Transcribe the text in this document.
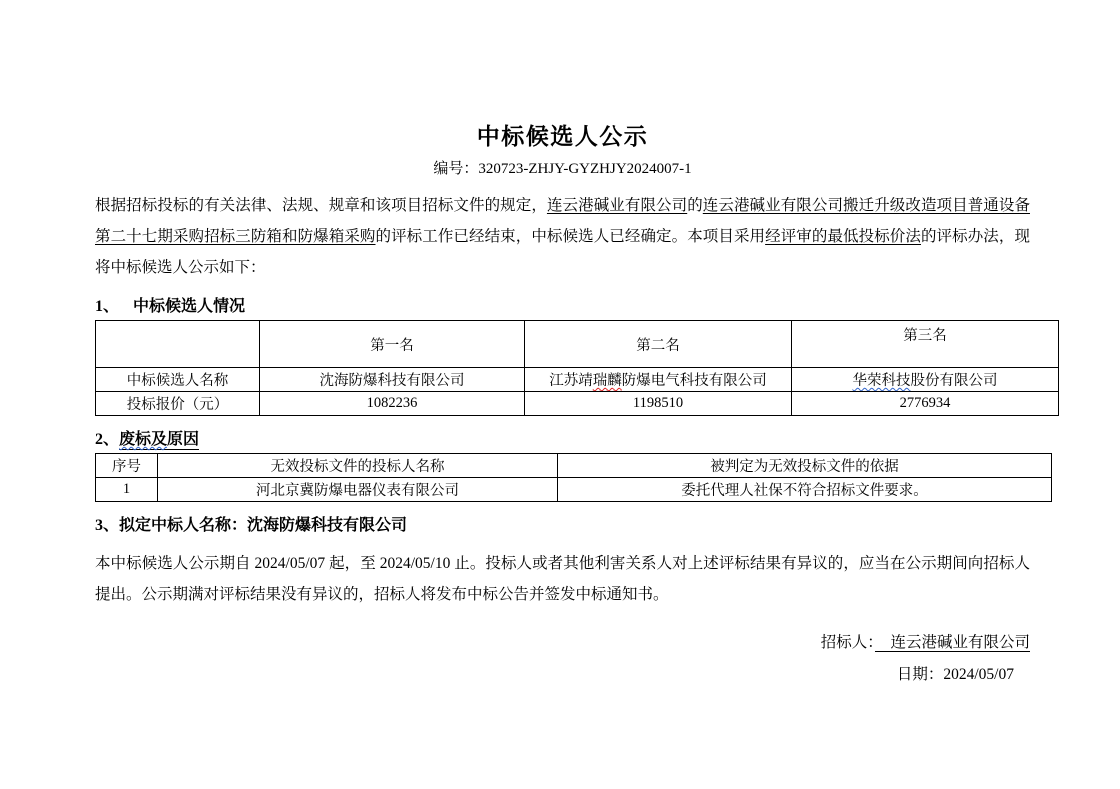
中标候选人公示
编号：320723-ZHJY-GYZHJY2024007-1
根据招标投标的有关法律、法规、规章和该项目招标文件的规定，连云港碱业有限公司的连云港碱业有限公司搬迁升级改造项目普通设备第二十七期采购招标三防箱和防爆箱采购的评标工作已经结束，中标候选人已经确定。本项目采用经评审的最低投标价法的评标办法，现将中标候选人公示如下：
1、 中标候选人情况
	第一名	第二名	第三名
中标候选人名称	沈海防爆科技有限公司	江苏靖瑞麟防爆电气科技有限公司	华荣科技股份有限公司
投标报价（元）	1082236	1198510	2776934
2、废标及原因
序号	无效投标文件的投标人名称	被判定为无效投标文件的依据
1	河北京冀防爆电器仪表有限公司	委托代理人社保不符合招标文件要求。
3、拟定中标人名称：沈海防爆科技有限公司
本中标候选人公示期自 2024/05/07 起，至 2024/05/10 止。投标人或者其他利害关系人对上述评标结果有异议的，应当在公示期间向招标人提出。公示期满对评标结果没有异议的，招标人将发布中标公告并签发中标通知书。
招标人：　连云港碱业有限公司
日期：2024/05/07
